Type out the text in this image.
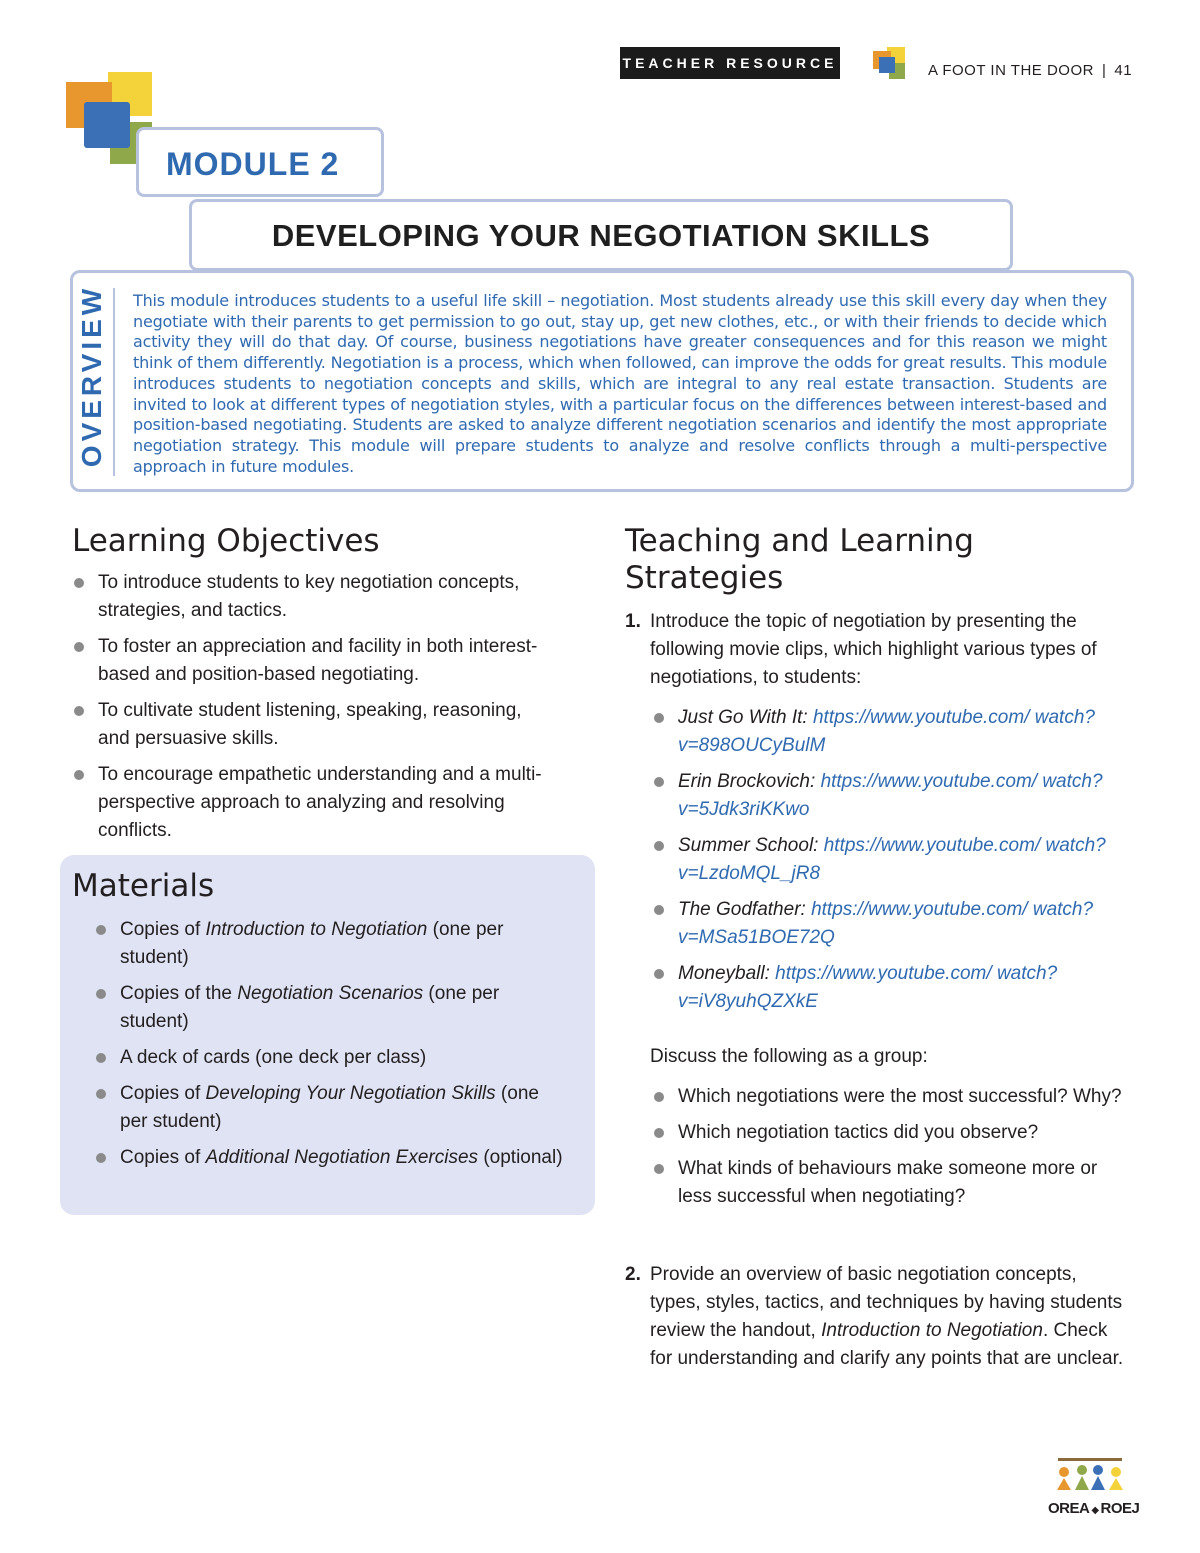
TEACHER RESOURCE	A FOOT IN THE DOOR | 41
MODULE 2
DEVELOPING YOUR NEGOTIATION SKILLS
OVERVIEW This module introduces students to a useful life skill – negotiation. Most students already use this skill every day when they negotiate with their parents to get permission to go out, stay up, get new clothes, etc., or with their friends to decide which activity they will do that day. Of course, business negotiations have greater consequences and for this reason we might think of them differently. Negotiation is a process, which when followed, can improve the odds for great results. This module introduces students to negotiation concepts and skills, which are integral to any real estate transaction. Students are invited to look at different types of negotiation styles, with a particular focus on the differences between interest-based and position-based negotiating. Students are asked to analyze different negotiation scenarios and identify the most appropriate negotiation strategy. This module will prepare students to analyze and resolve conflicts through a multi-perspective approach in future modules.
Learning Objectives
To introduce students to key negotiation concepts, strategies, and tactics.
To foster an appreciation and facility in both interest-based and position-based negotiating.
To cultivate student listening, speaking, reasoning, and persuasive skills.
To encourage empathetic understanding and a multi-perspective approach to analyzing and resolving conflicts.
Materials
Copies of Introduction to Negotiation (one per student)
Copies of the Negotiation Scenarios (one per student)
A deck of cards (one deck per class)
Copies of Developing Your Negotiation Skills (one per student)
Copies of Additional Negotiation Exercises (optional)
Teaching and Learning Strategies
1. Introduce the topic of negotiation by presenting the following movie clips, which highlight various types of negotiations, to students:
Just Go With It: https://www.youtube.com/ watch?v=898OUCyBulM
Erin Brockovich: https://www.youtube.com/ watch?v=5Jdk3riKKwo
Summer School: https://www.youtube.com/ watch?v=LzdoMQL_jR8
The Godfather: https://www.youtube.com/ watch?v=MSa51BOE72Q
Moneyball: https://www.youtube.com/ watch?v=iV8yuhQZXkE
Discuss the following as a group:
Which negotiations were the most successful? Why?
Which negotiation tactics did you observe?
What kinds of behaviours make someone more or less successful when negotiating?
2. Provide an overview of basic negotiation concepts, types, styles, tactics, and techniques by having students review the handout, Introduction to Negotiation. Check for understanding and clarify any points that are unclear.
OREA ◆ ROEJ
